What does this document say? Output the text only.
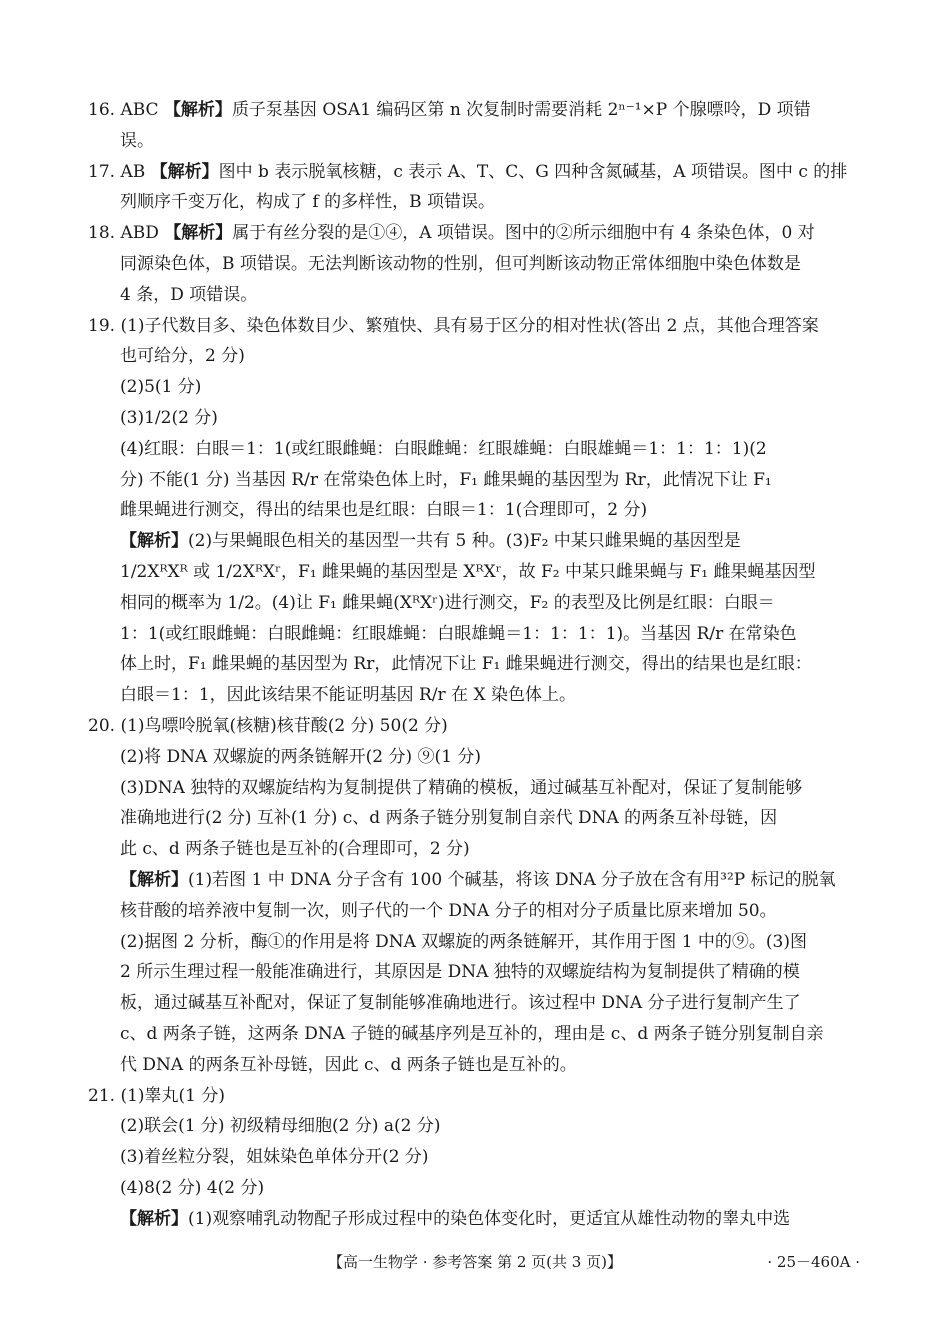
16. ABC 【解析】质子泵基因 OSA1 编码区第 n 次复制时需要消耗 2ⁿ⁻¹×P 个腺嘌呤，D 项错
误。
17. AB 【解析】图中 b 表示脱氧核糖，c 表示 A、T、C、G 四种含氮碱基，A 项错误。图中 c 的排
列顺序千变万化，构成了 f 的多样性，B 项错误。
18. ABD 【解析】属于有丝分裂的是①④，A 项错误。图中的②所示细胞中有 4 条染色体，0 对
同源染色体，B 项错误。无法判断该动物的性别，但可判断该动物正常体细胞中染色体数是
4 条，D 项错误。
19. (1)子代数目多、染色体数目少、繁殖快、具有易于区分的相对性状(答出 2 点，其他合理答案
也可给分，2 分)
(2)5(1 分)
(3)1/2(2 分)
(4)红眼：白眼＝1：1(或红眼雌蝇：白眼雌蝇：红眼雄蝇：白眼雄蝇＝1：1：1：1)(2
分) 不能(1 分) 当基因 R/r 在常染色体上时，F₁ 雌果蝇的基因型为 Rr，此情况下让 F₁
雌果蝇进行测交，得出的结果也是红眼：白眼＝1：1(合理即可，2 分)
【解析】(2)与果蝇眼色相关的基因型一共有 5 种。(3)F₂ 中某只雌果蝇的基因型是
1/2XᴿXᴿ 或 1/2XᴿXʳ，F₁ 雌果蝇的基因型是 XᴿXʳ，故 F₂ 中某只雌果蝇与 F₁ 雌果蝇基因型
相同的概率为 1/2。(4)让 F₁ 雌果蝇(XᴿXʳ)进行测交，F₂ 的表型及比例是红眼：白眼＝
1：1(或红眼雌蝇：白眼雌蝇：红眼雄蝇：白眼雄蝇＝1：1：1：1)。当基因 R/r 在常染色
体上时，F₁ 雌果蝇的基因型为 Rr，此情况下让 F₁ 雌果蝇进行测交，得出的结果也是红眼：
白眼＝1：1，因此该结果不能证明基因 R/r 在 X 染色体上。
20. (1)鸟嘌呤脱氧(核糖)核苷酸(2 分) 50(2 分)
(2)将 DNA 双螺旋的两条链解开(2 分) ⑨(1 分)
(3)DNA 独特的双螺旋结构为复制提供了精确的模板，通过碱基互补配对，保证了复制能够
准确地进行(2 分) 互补(1 分) c、d 两条子链分别复制自亲代 DNA 的两条互补母链，因
此 c、d 两条子链也是互补的(合理即可，2 分)
【解析】(1)若图 1 中 DNA 分子含有 100 个碱基，将该 DNA 分子放在含有用³²P 标记的脱氧
核苷酸的培养液中复制一次，则子代的一个 DNA 分子的相对分子质量比原来增加 50。
(2)据图 2 分析，酶①的作用是将 DNA 双螺旋的两条链解开，其作用于图 1 中的⑨。(3)图
2 所示生理过程一般能准确进行，其原因是 DNA 独特的双螺旋结构为复制提供了精确的模
板，通过碱基互补配对，保证了复制能够准确地进行。该过程中 DNA 分子进行复制产生了
c、d 两条子链，这两条 DNA 子链的碱基序列是互补的，理由是 c、d 两条子链分别复制自亲
代 DNA 的两条互补母链，因此 c、d 两条子链也是互补的。
21. (1)睾丸(1 分)
(2)联会(1 分) 初级精母细胞(2 分) a(2 分)
(3)着丝粒分裂，姐妹染色单体分开(2 分)
(4)8(2 分) 4(2 分)
【解析】(1)观察哺乳动物配子形成过程中的染色体变化时，更适宜从雄性动物的睾丸中选
【高一生物学 · 参考答案 第 2 页(共 3 页)】	· 25－460A ·
